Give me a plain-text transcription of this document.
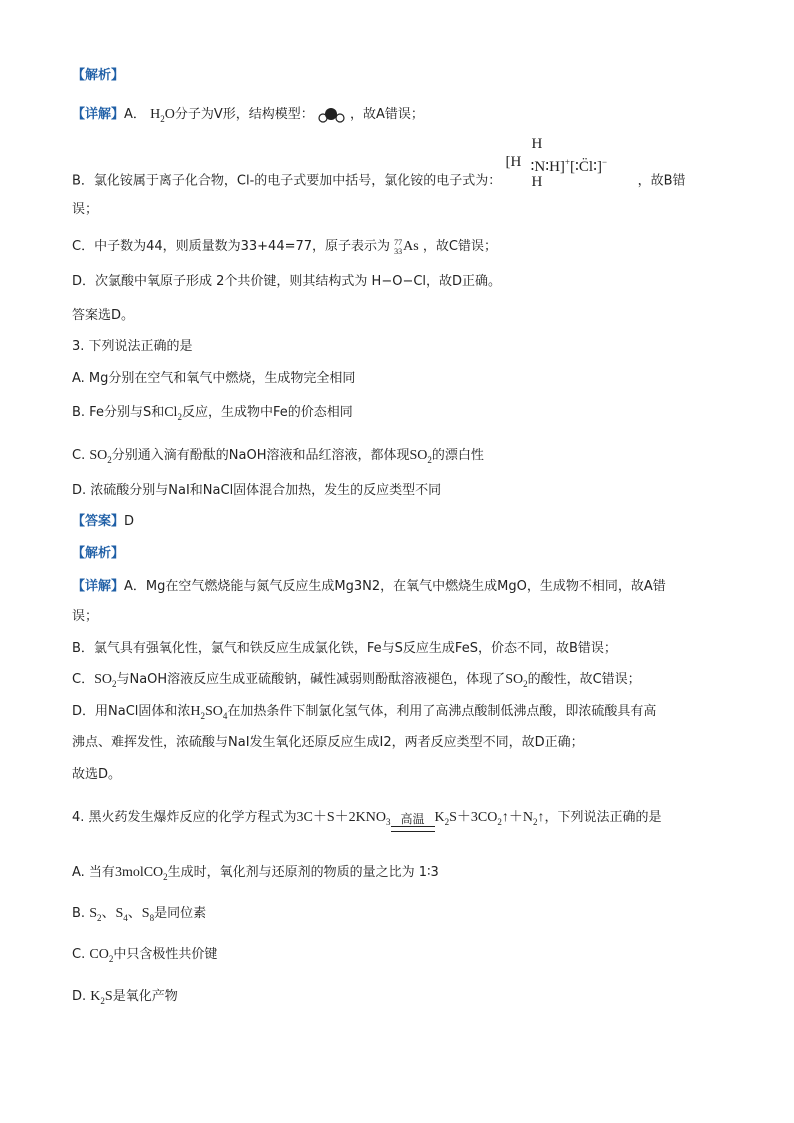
【解析】
【详解】A． $H_2O$分子为V形，结构模型：	，故A错误；
B．氯化铵属于离子化合物，Cl-的电子式要加中括号，氯化铵的电子式为：
H
[H ∶N∶H]+[∶C̈l∶]−
H	，故B错
误；
C．中子数为44，则质量数为33+44=77，原子表示为 77
33 As ，故C错误；
D．次氯酸中氧原子形成 2个共价键，则其结构式为 H−O−Cl，故D正确。
答案选D。
3. 下列说法正确的是
A. Mg分别在空气和氧气中燃烧，生成物完全相同
B. Fe分别与S和$Cl_2$反应，生成物中Fe的价态相同
C. $SO_2$分别通入滴有酚酞的NaOH溶液和品红溶液，都体现$SO_2$的漂白性
D. 浓硫酸分别与NaI和NaCl固体混合加热，发生的反应类型不同
【答案】D
【解析】
【详解】A．Mg在空气燃烧能与氮气反应生成Mg3N2，在氧气中燃烧生成MgO，生成物不相同，故A错
误；
B．氯气具有强氧化性，氯气和铁反应生成氯化铁，Fe与S反应生成FeS，价态不同，故B错误；
C．$SO_2$与NaOH溶液反应生成亚硫酸钠，碱性减弱则酚酞溶液褪色，体现了$SO_2$的酸性，故C错误；
D．用NaCl固体和浓$H_2SO_4$在加热条件下制氯化氢气体，利用了高沸点酸制低沸点酸，即浓硫酸具有高
沸点、难挥发性，浓硫酸与NaI发生氧化还原反应生成I2，两者反应类型不同，故D正确；
故选D。
4. 黑火药发生爆炸反应的化学方程式为$3C+S+2KNO_3$ 高温 $K_2S+3CO_2↑+N_2↑$，下列说法正确的是
A. 当有3molCO$_2$生成时，氧化剂与还原剂的物质的量之比为 1∶3
B. $S_2$、$S_4$、$S_8$是同位素
C. $CO_2$中只含极性共价键
D. $K_2S$是氧化产物
